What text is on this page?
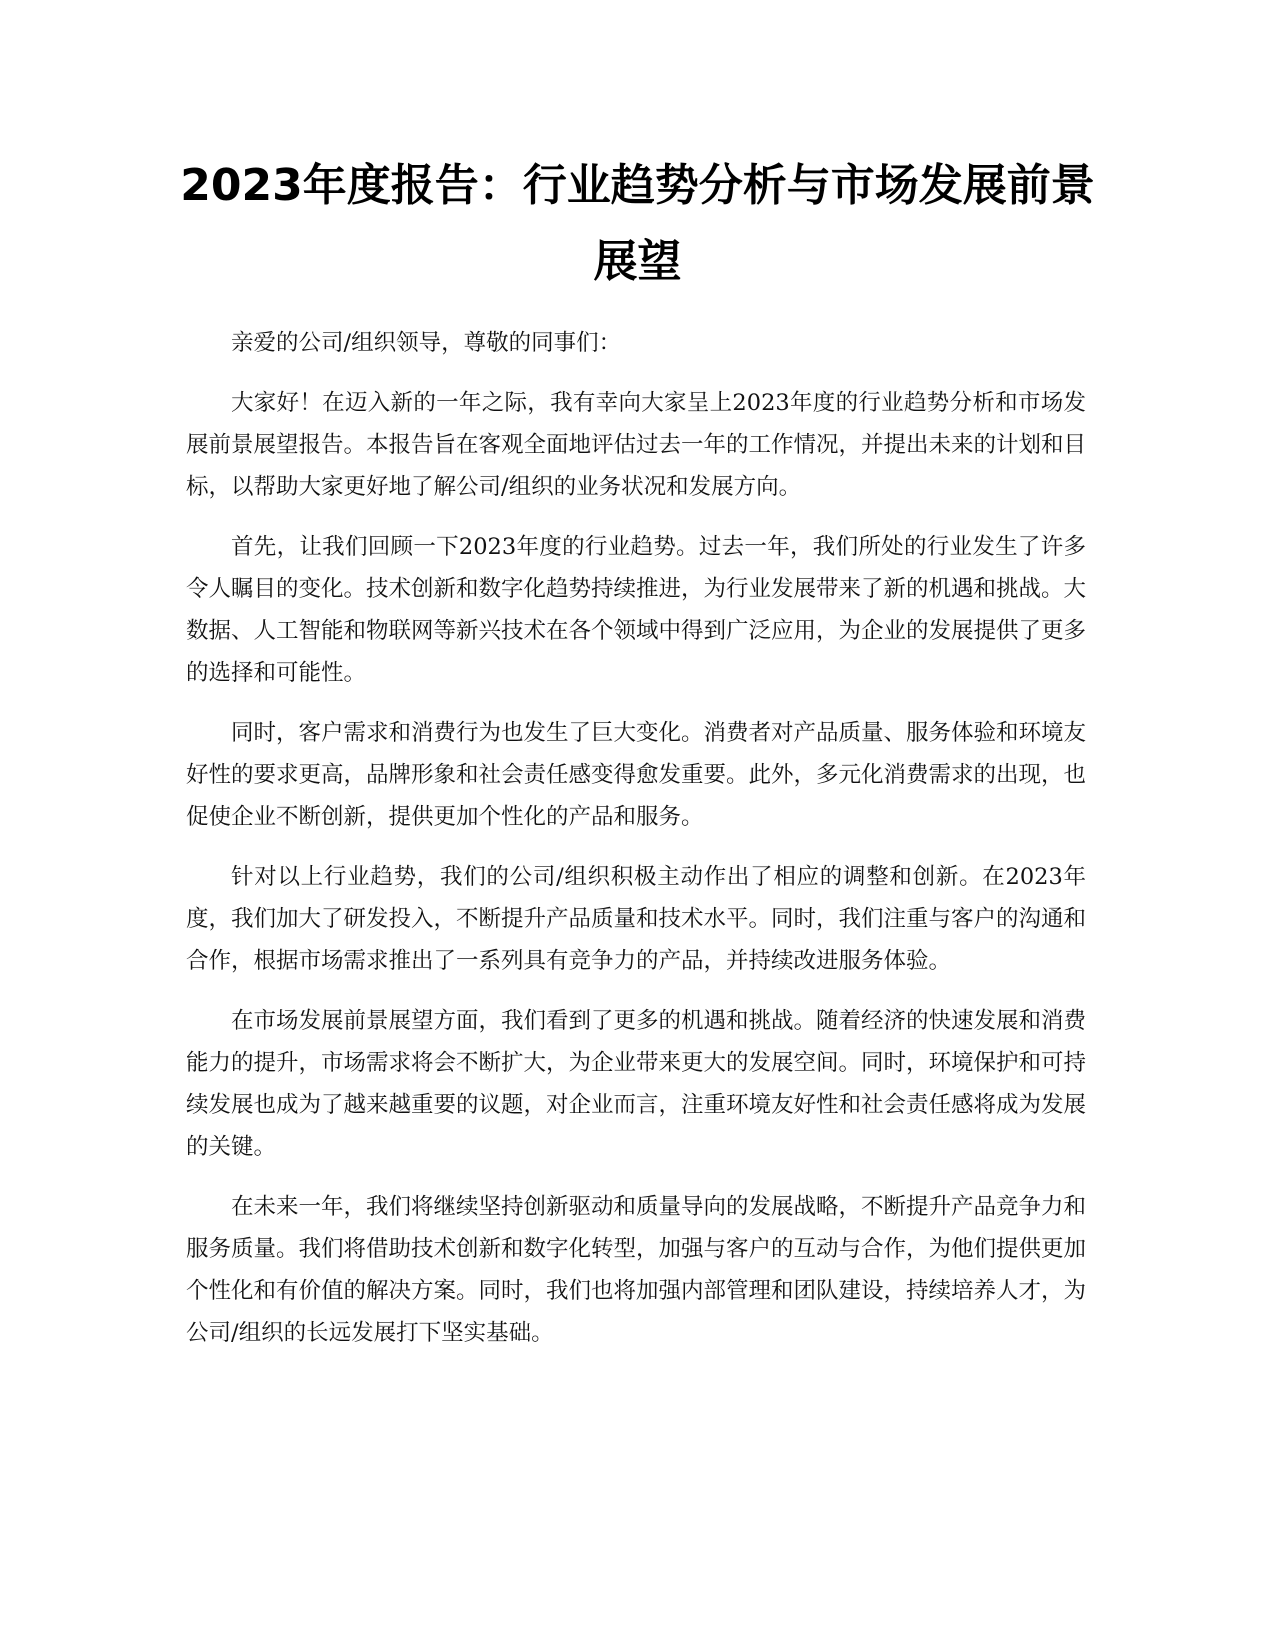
2023年度报告：行业趋势分析与市场发展前景展望

亲爱的公司/组织领导，尊敬的同事们：

大家好！在迈入新的一年之际，我有幸向大家呈上2023年度的行业趋势分析和市场发展前景展望报告。本报告旨在客观全面地评估过去一年的工作情况，并提出未来的计划和目标，以帮助大家更好地了解公司/组织的业务状况和发展方向。

首先，让我们回顾一下2023年度的行业趋势。过去一年，我们所处的行业发生了许多令人瞩目的变化。技术创新和数字化趋势持续推进，为行业发展带来了新的机遇和挑战。大数据、人工智能和物联网等新兴技术在各个领域中得到广泛应用，为企业的发展提供了更多的选择和可能性。

同时，客户需求和消费行为也发生了巨大变化。消费者对产品质量、服务体验和环境友好性的要求更高，品牌形象和社会责任感变得愈发重要。此外，多元化消费需求的出现，也促使企业不断创新，提供更加个性化的产品和服务。

针对以上行业趋势，我们的公司/组织积极主动作出了相应的调整和创新。在2023年度，我们加大了研发投入，不断提升产品质量和技术水平。同时，我们注重与客户的沟通和合作，根据市场需求推出了一系列具有竞争力的产品，并持续改进服务体验。

在市场发展前景展望方面，我们看到了更多的机遇和挑战。随着经济的快速发展和消费能力的提升，市场需求将会不断扩大，为企业带来更大的发展空间。同时，环境保护和可持续发展也成为了越来越重要的议题，对企业而言，注重环境友好性和社会责任感将成为发展的关键。

在未来一年，我们将继续坚持创新驱动和质量导向的发展战略，不断提升产品竞争力和服务质量。我们将借助技术创新和数字化转型，加强与客户的互动与合作，为他们提供更加个性化和有价值的解决方案。同时，我们也将加强内部管理和团队建设，持续培养人才，为公司/组织的长远发展打下坚实基础。
